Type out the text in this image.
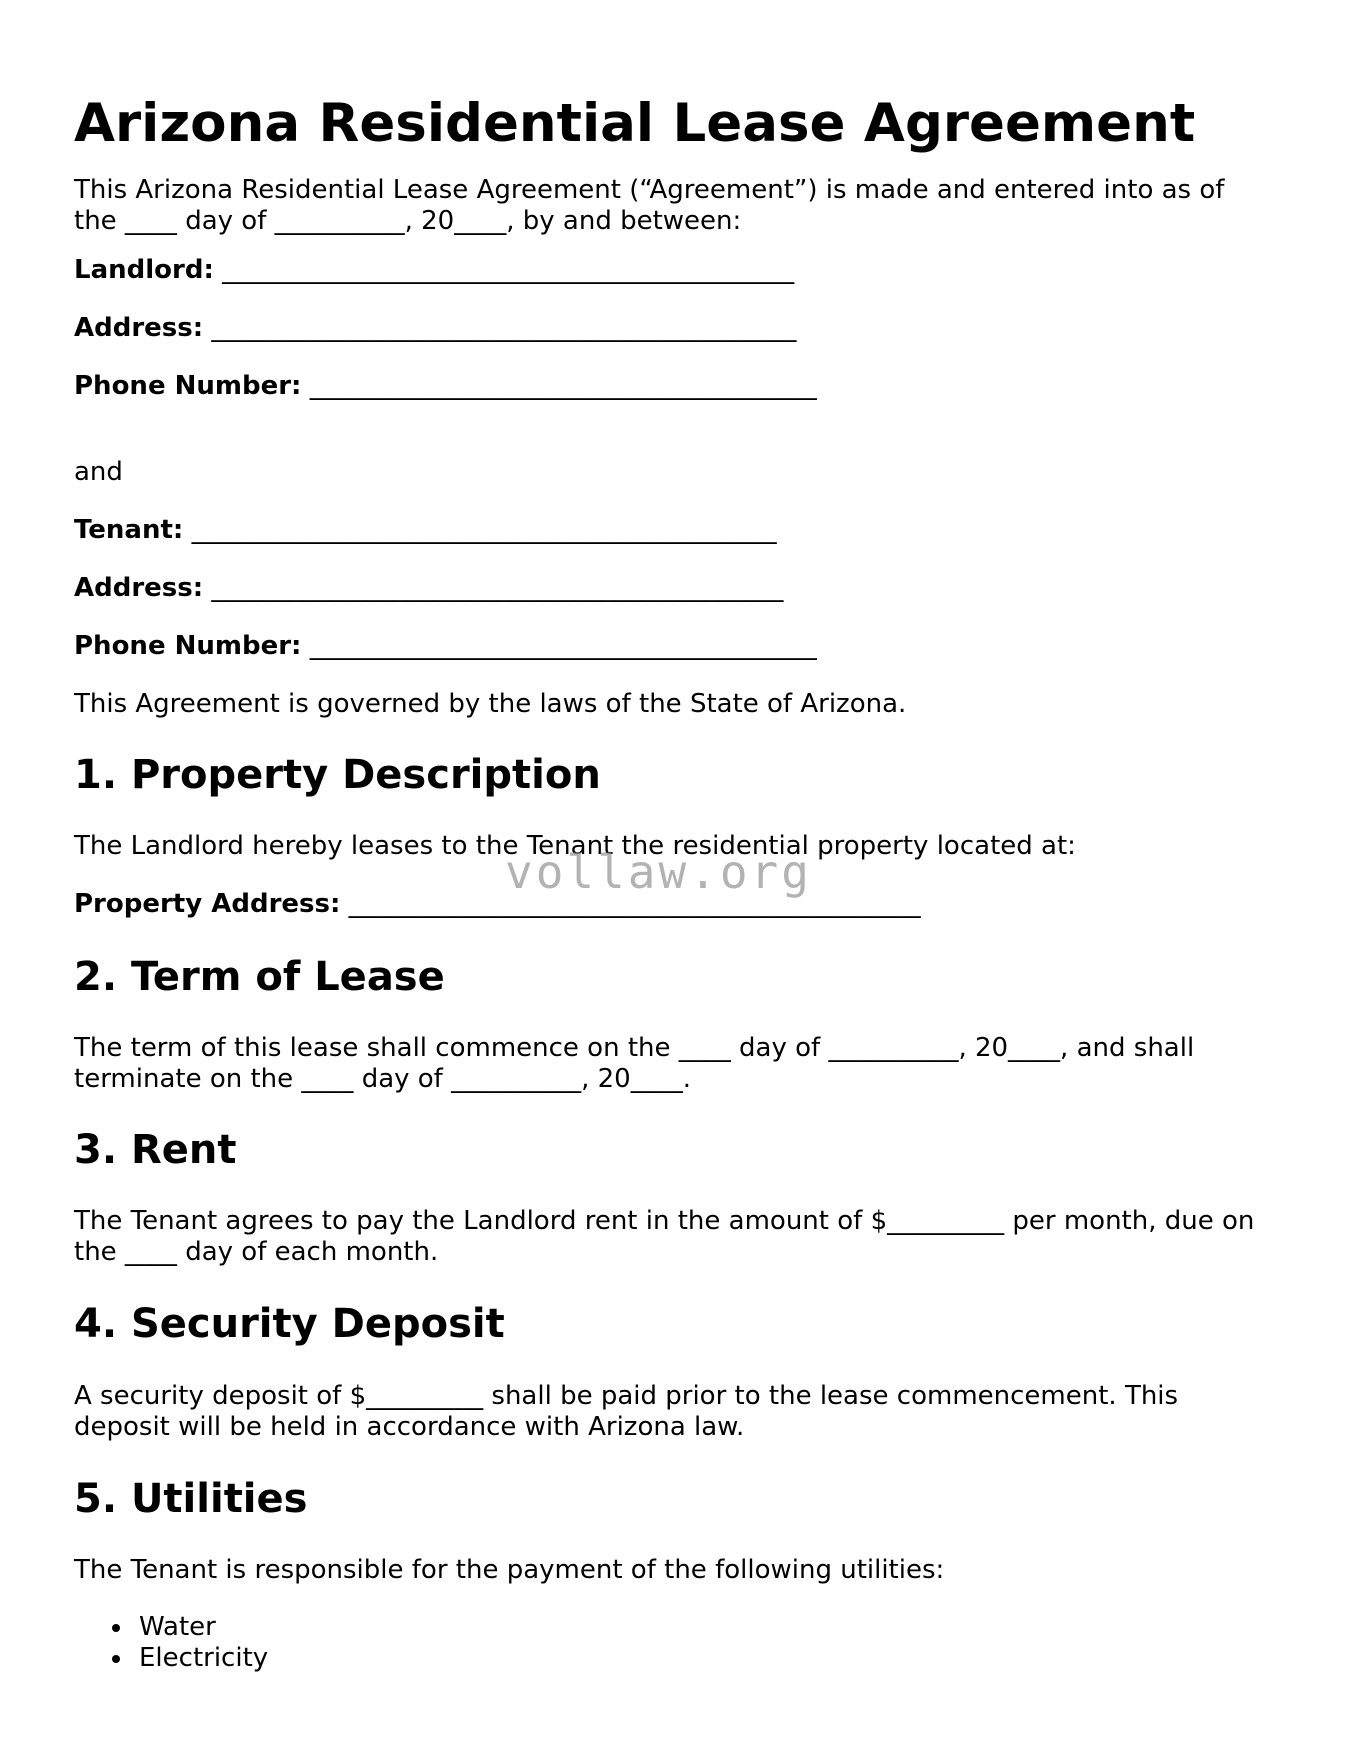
Arizona Residential Lease Agreement

This Arizona Residential Lease Agreement (“Agreement”) is made and entered into as of
the ____ day of __________, 20____, by and between:

Landlord: ____________________________________________

Address: _____________________________________________

Phone Number: _______________________________________

and

Tenant: _____________________________________________

Address: ____________________________________________

Phone Number: _______________________________________

This Agreement is governed by the laws of the State of Arizona.

1. Property Description

The Landlord hereby leases to the Tenant the residential property located at:

Property Address: ____________________________________________

2. Term of Lease

The term of this lease shall commence on the ____ day of __________, 20____, and shall
terminate on the ____ day of __________, 20____.

3. Rent

The Tenant agrees to pay the Landlord rent in the amount of $_________ per month, due on
the ____ day of each month.

4. Security Deposit

A security deposit of $_________ shall be paid prior to the lease commencement. This
deposit will be held in accordance with Arizona law.

5. Utilities

The Tenant is responsible for the payment of the following utilities:

Water
Electricity
vollaw.org
